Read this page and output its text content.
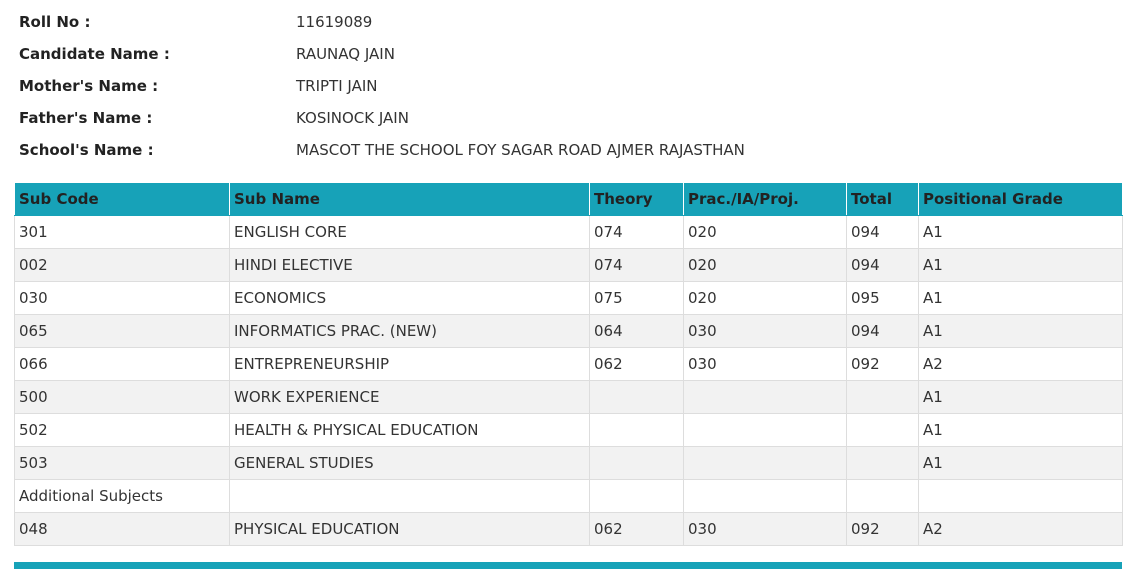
Roll No :	11619089
Candidate Name :	RAUNAQ JAIN
Mother's Name :	TRIPTI JAIN
Father's Name :	KOSINOCK JAIN
School's Name :	MASCOT THE SCHOOL FOY SAGAR ROAD AJMER RAJASTHAN
Sub Code	Sub Name	Theory	Prac./IA/Proj.	Total	Positional Grade
301	ENGLISH CORE	074	020	094	A1
002	HINDI ELECTIVE	074	020	094	A1
030	ECONOMICS	075	020	095	A1
065	INFORMATICS PRAC. (NEW)	064	030	094	A1
066	ENTREPRENEURSHIP	062	030	092	A2
500	WORK EXPERIENCE				A1
502	HEALTH & PHYSICAL EDUCATION				A1
503	GENERAL STUDIES				A1
Additional Subjects					
048	PHYSICAL EDUCATION	062	030	092	A2
